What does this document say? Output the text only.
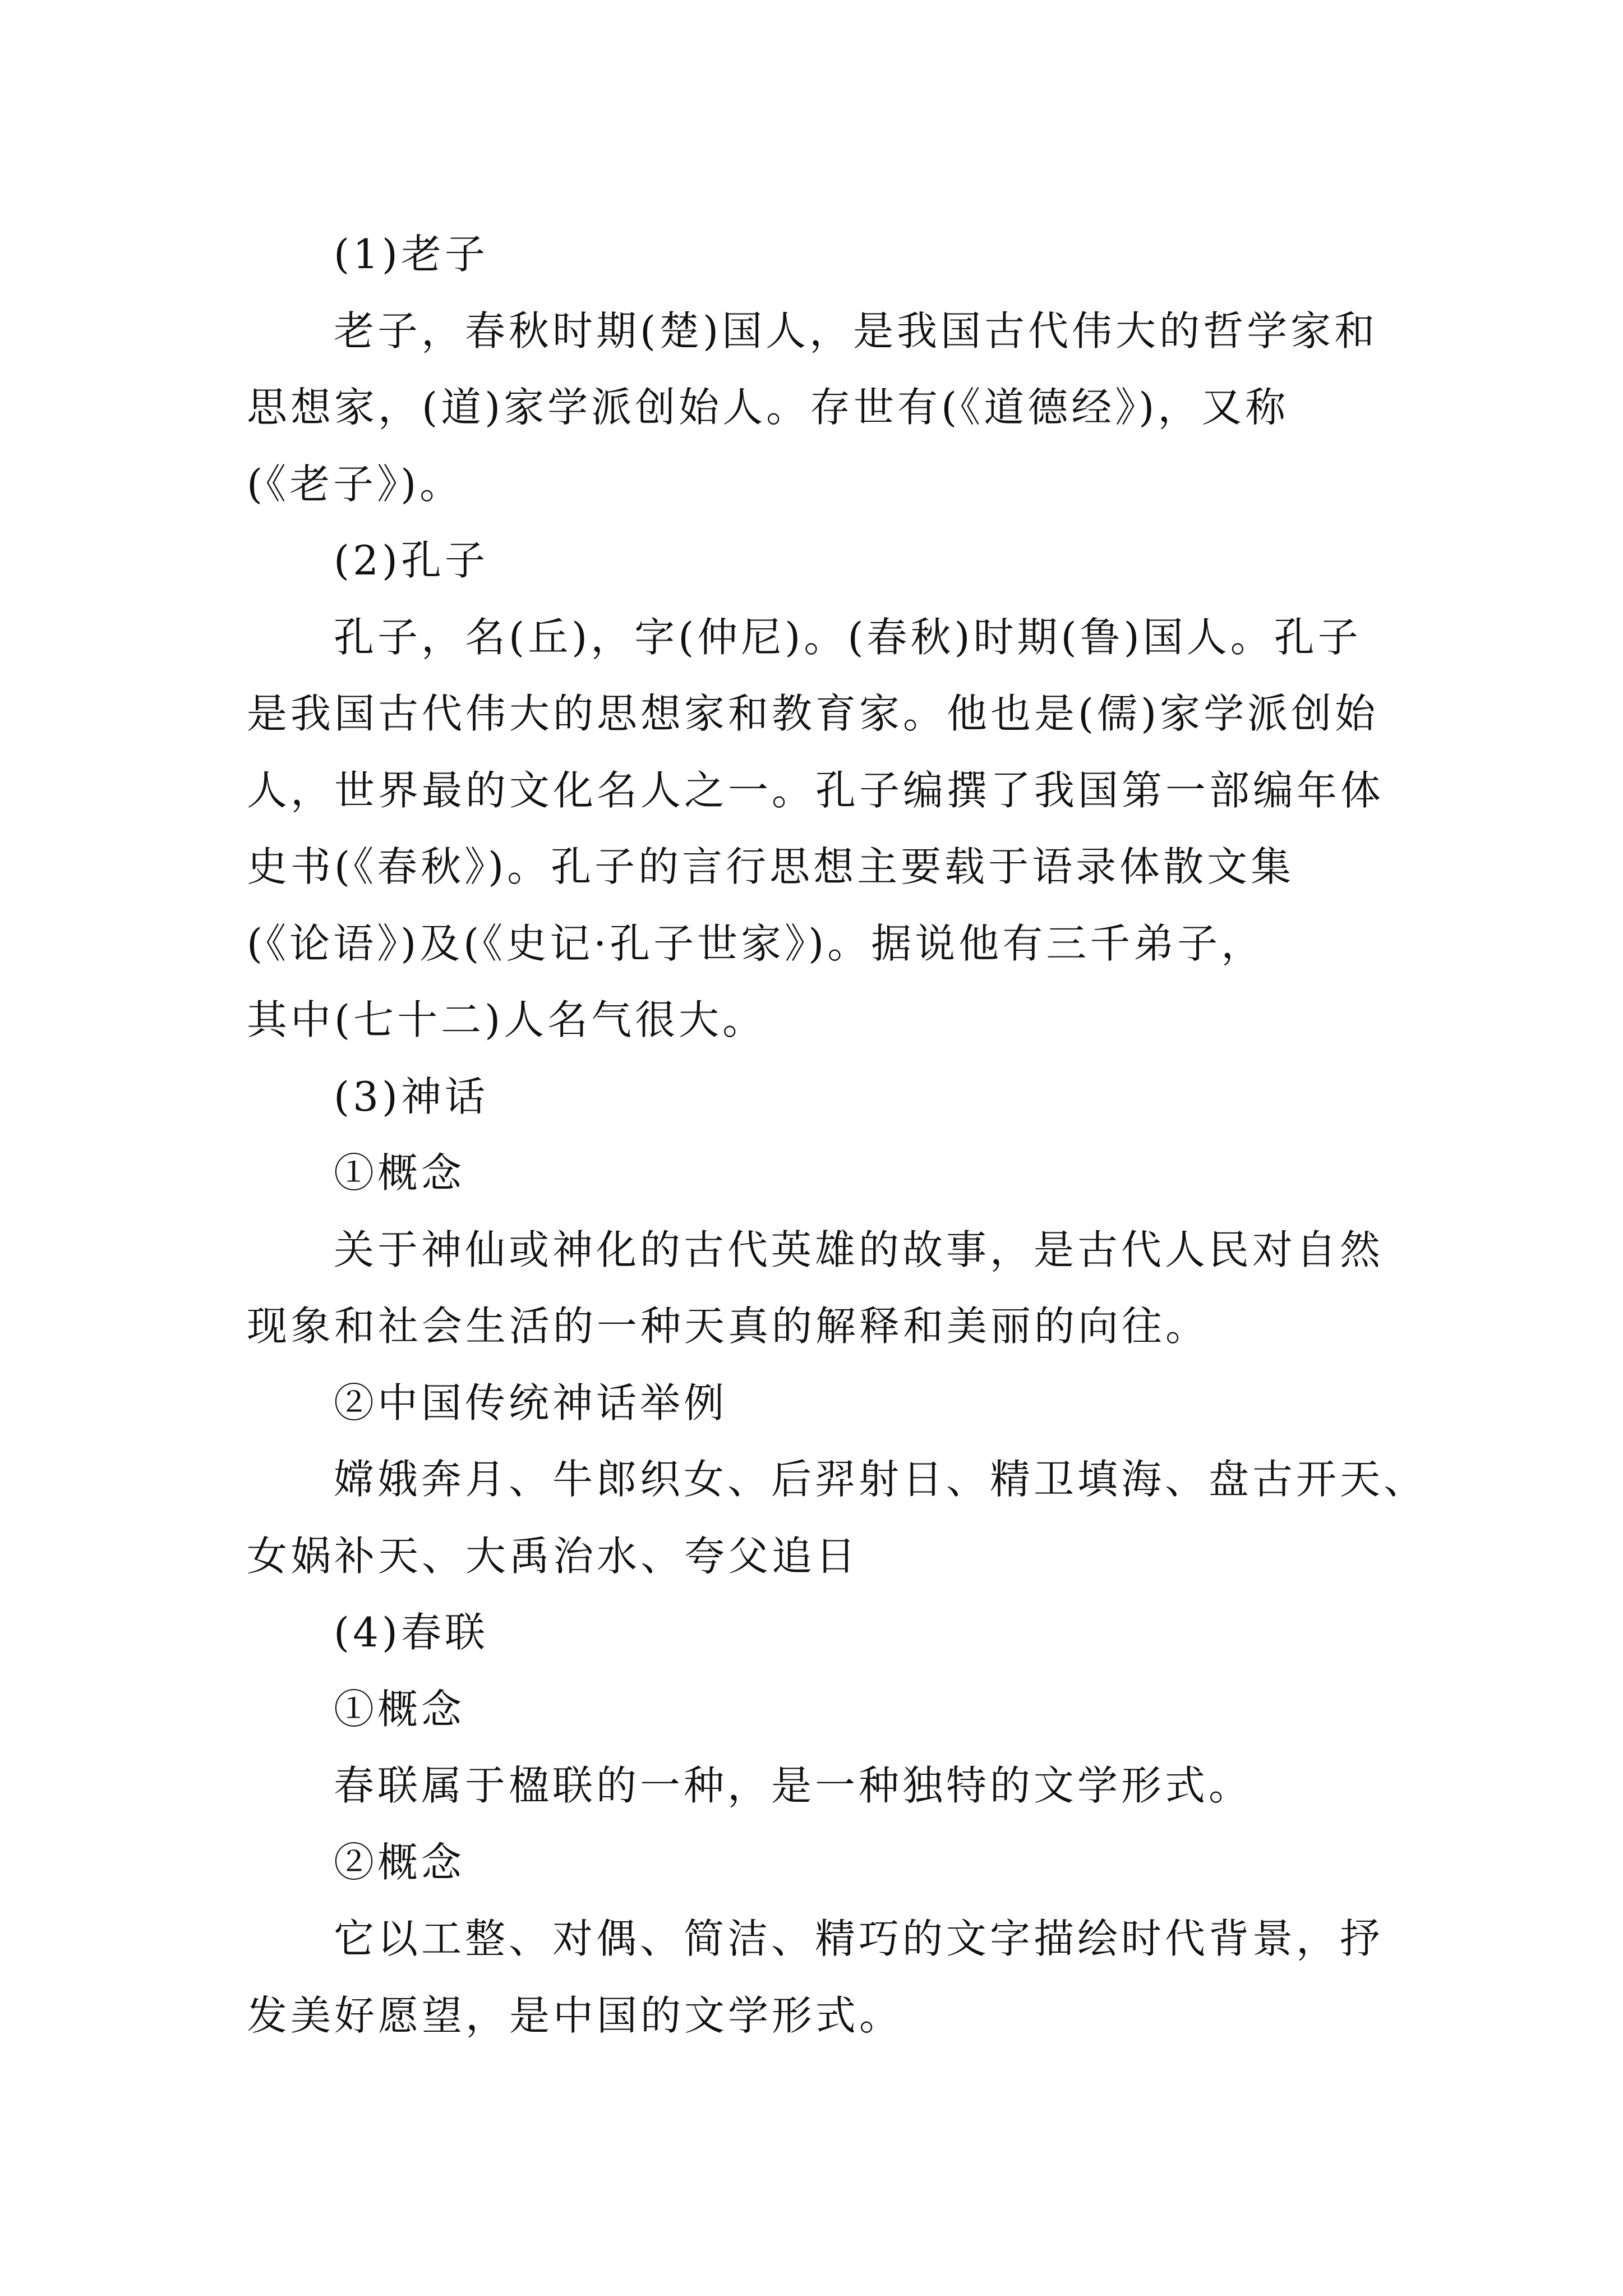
(1)老子
老子，春秋时期(楚)国人，是我国古代伟大的哲学家和
思想家，(道)家学派创始人。存世有(《道德经》)，又称
(《老子》)。
(2)孔子
孔子，名(丘)，字(仲尼)。(春秋)时期(鲁)国人。孔子
是我国古代伟大的思想家和教育家。他也是(儒)家学派创始
人，世界最的文化名人之一。孔子编撰了我国第一部编年体
史书(《春秋》)。孔子的言行思想主要载于语录体散文集
(《论语》)及(《史记·孔子世家》)。据说他有三千弟子，
其中(七十二)人名气很大。
(3)神话
①概念
关于神仙或神化的古代英雄的故事，是古代人民对自然
现象和社会生活的一种天真的解释和美丽的向往。
②中国传统神话举例
嫦娥奔月、牛郎织女、后羿射日、精卫填海、盘古开天、
女娲补天、大禹治水、夸父追日
(4)春联
①概念
春联属于楹联的一种，是一种独特的文学形式。
②概念
它以工整、对偶、简洁、精巧的文字描绘时代背景，抒
发美好愿望，是中国的文学形式。
